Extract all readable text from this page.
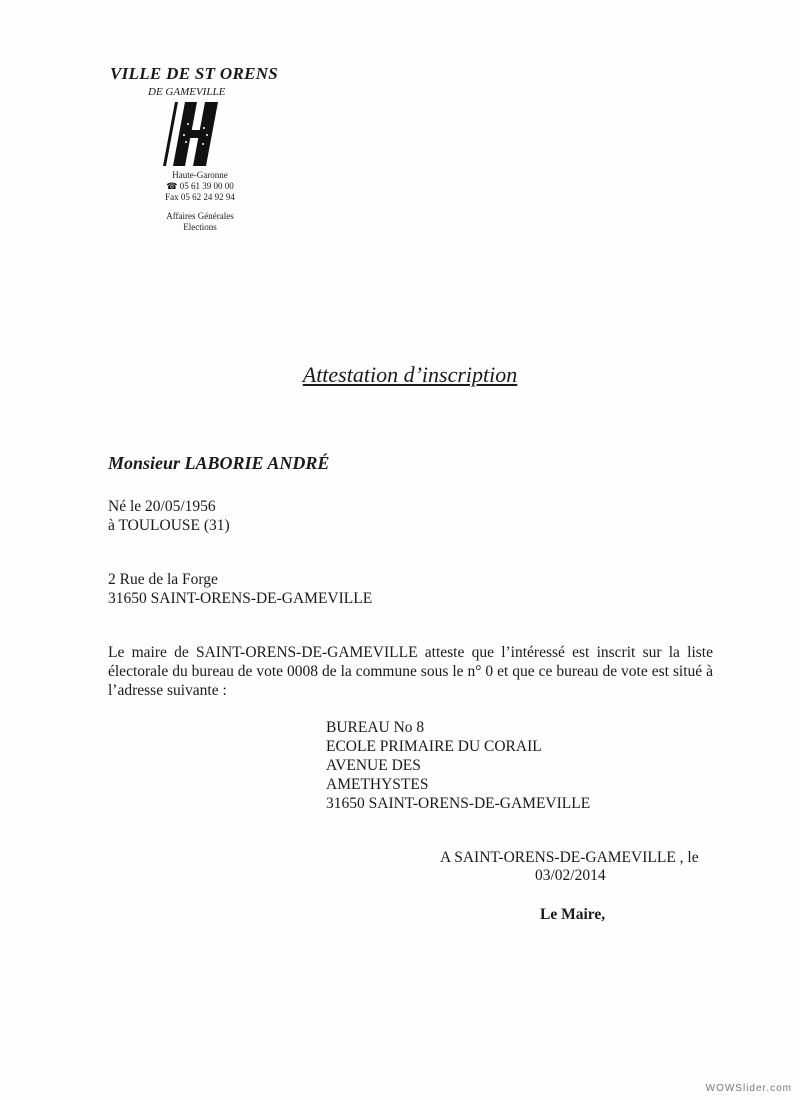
VILLE DE ST ORENS
DE GAMEVILLE
Haute-Garonne
☎ 05 61 39 00 00
Fax 05 62 24 92 94
Affaires Générales
Elections
Attestation d’inscription
Monsieur LABORIE ANDRÉ
Né le 20/05/1956
à TOULOUSE (31)
2 Rue de la Forge
31650 SAINT-ORENS-DE-GAMEVILLE
Le maire de SAINT-ORENS-DE-GAMEVILLE atteste que l’intéressé est inscrit sur la liste électorale du bureau de vote 0008 de la commune sous le n° 0 et que ce bureau de vote est situé à l’adresse suivante :
BUREAU No 8
ECOLE PRIMAIRE DU CORAIL
AVENUE DES
AMETHYSTES
31650 SAINT-ORENS-DE-GAMEVILLE
A SAINT-ORENS-DE-GAMEVILLE , le
03/02/2014
Le Maire,
WOWSlider.com
